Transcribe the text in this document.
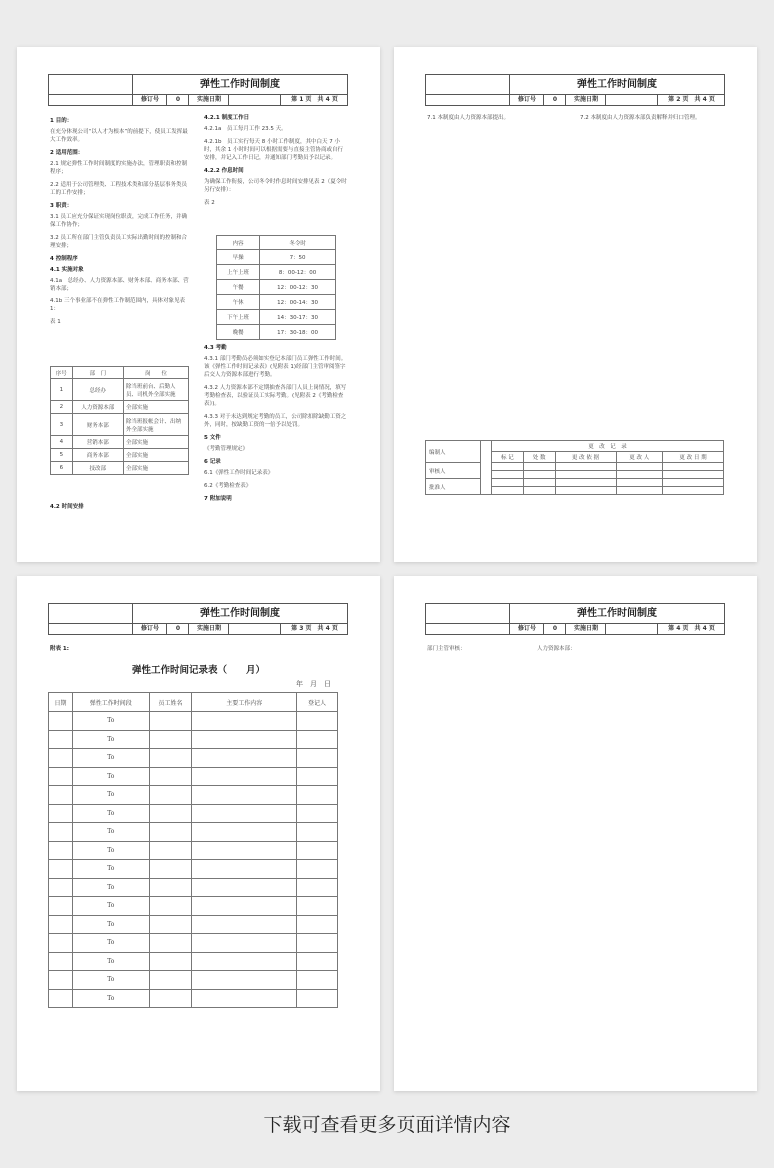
弹性工作时间制度
修订号	0	实施日期	第 1 页　共 4 页
1 目的：
在充分体现公司“以人才为根本”的前提下，使员工发挥最大工作效率。
2 适用范围：
2.1 规定弹性工作时间制度的实施办法，管理职责和控制程序；
2.2 适用于公司管理类、工程技术类和部分基层事务类员工的工作安排；
3 职责：
3.1 员工应充分保证实现岗位职责，完成工作任务，并确保工作协作；
3.2 员工所在部门主管负责员工实际出勤时间的控制和合理安排；
4 控制程序
4.1 实施对象
4.1a　总经办、人力资源本部、财务本部、商务本部、营销本部；
4.1b 三个事业部不在弹性工作制范围内，具体对象见表 1：
表 1
序号	部　门	岗　　位
1	总经办	除当班前台、后勤人员、司机外全部实施
2	人力资源本部	全部实施
3	财务本部	除当班报帐会计、出纳外全部实施
4	营销本部	全部实施
5	商务本部	全部实施
6	技改部	全部实施
4.2 时间安排
4.2.1 制度工作日
4.2.1a　员工每月工作 23.5 天。
4.2.1b　员工实行每天 8 小时工作制度，其中白天 7 小时，其余 1 小时时间可以根据需要与直接主管协商或自行安排，并记入工作日记，并通知部门考勤员予以记录。
4.2.2 作息时间
为确保工作衔接，公司冬令时作息时间安排见表 2（夏令时另行安排）：
表 2
内容	冬令时
早操	7：50
上午上班	8：00-12：00
午餐	12：00-12：30
午休	12：00-14：30
下午上班	14：30-17：30
晚餐	17：30-18：00
4.3 考勤
4.3.1 部门考勤员必须如实登记本部门员工弹性工作时间。该《弹性工作时间记录表》(见附表 1)经部门主管审阅签字后交人力资源本部进行考勤。
4.3.2 人力资源本部不定期抽查各部门人员上岗情况，填写考勤检查表，以验证员工实际考勤。(见附表 2《考勤检查表》)。
4.3.3 对于未达到规定考勤的员工，公司除扣除缺勤工资之外，同时，按缺勤工资的一倍予以处罚。
5 文件
《考勤管理规定》
6 记录
6.1《弹性工作时间记录表》
6.2《考勤检查表》
7 附加说明
弹性工作时间制度
修订号	0	实施日期	第 2 页　共 4 页
7.1 本制度由人力资源本部提出。	7.2 本制度由人力资源本部负责解释并归口管理。
编制人		更　改　记　录				
		标 记	处 数	更 改 依 据	更 改 人	更 改 日 期
审核人						

批准人						

弹性工作时间制度
修订号	0	实施日期	第 3 页　共 4 页
附表 1:
弹性工作时间记录表（　　月）
年　月　日
日期	弹性工作时间段	员工姓名	主要工作内容	登记人
	To			
	To			
	To			
	To			
	To			
	To			
	To			
	To			
	To			
	To			
	To			
	To			
	To			
	To			
	To			
	To			
弹性工作时间制度
修订号	0	实施日期	第 4 页　共 4 页
部门主管审核：	人力资源本部：
下载可查看更多页面详情内容
